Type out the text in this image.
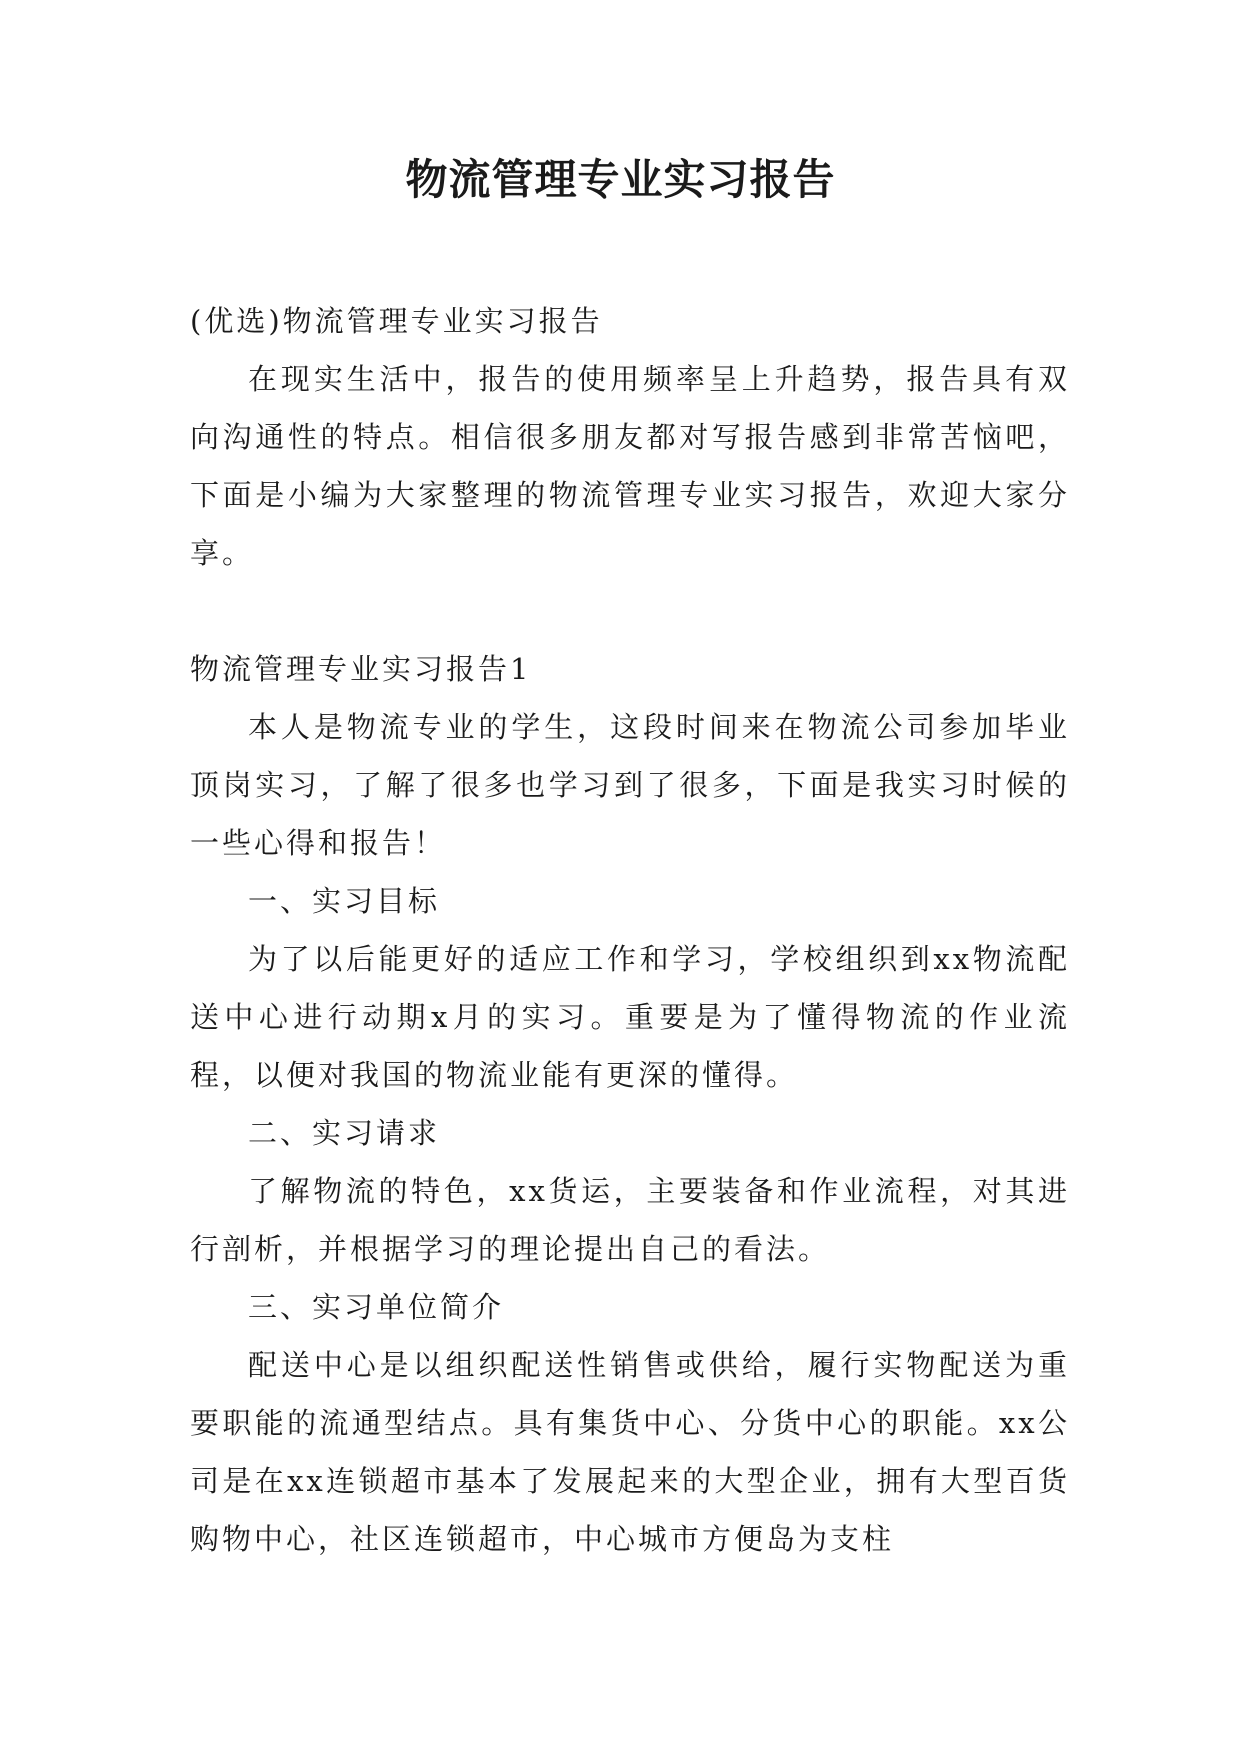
物流管理专业实习报告

(优选)物流管理专业实习报告

在现实生活中，报告的使用频率呈上升趋势，报告具有双向沟通性的特点。相信很多朋友都对写报告感到非常苦恼吧，下面是小编为大家整理的物流管理专业实习报告，欢迎大家分享。

物流管理专业实习报告1

本人是物流专业的学生，这段时间来在物流公司参加毕业顶岗实习，了解了很多也学习到了很多，下面是我实习时候的一些心得和报告！

一、实习目标

为了以后能更好的适应工作和学习，学校组织到xx物流配送中心进行动期x月的实习。重要是为了懂得物流的作业流程，以便对我国的物流业能有更深的懂得。

二、实习请求

了解物流的特色，xx货运，主要装备和作业流程，对其进行剖析，并根据学习的理论提出自己的看法。

三、实习单位简介

配送中心是以组织配送性销售或供给，履行实物配送为重要职能的流通型结点。具有集货中心、分货中心的职能。xx公司是在xx连锁超市基本了发展起来的大型企业，拥有大型百货购物中心，社区连锁超市，中心城市方便岛为支柱
